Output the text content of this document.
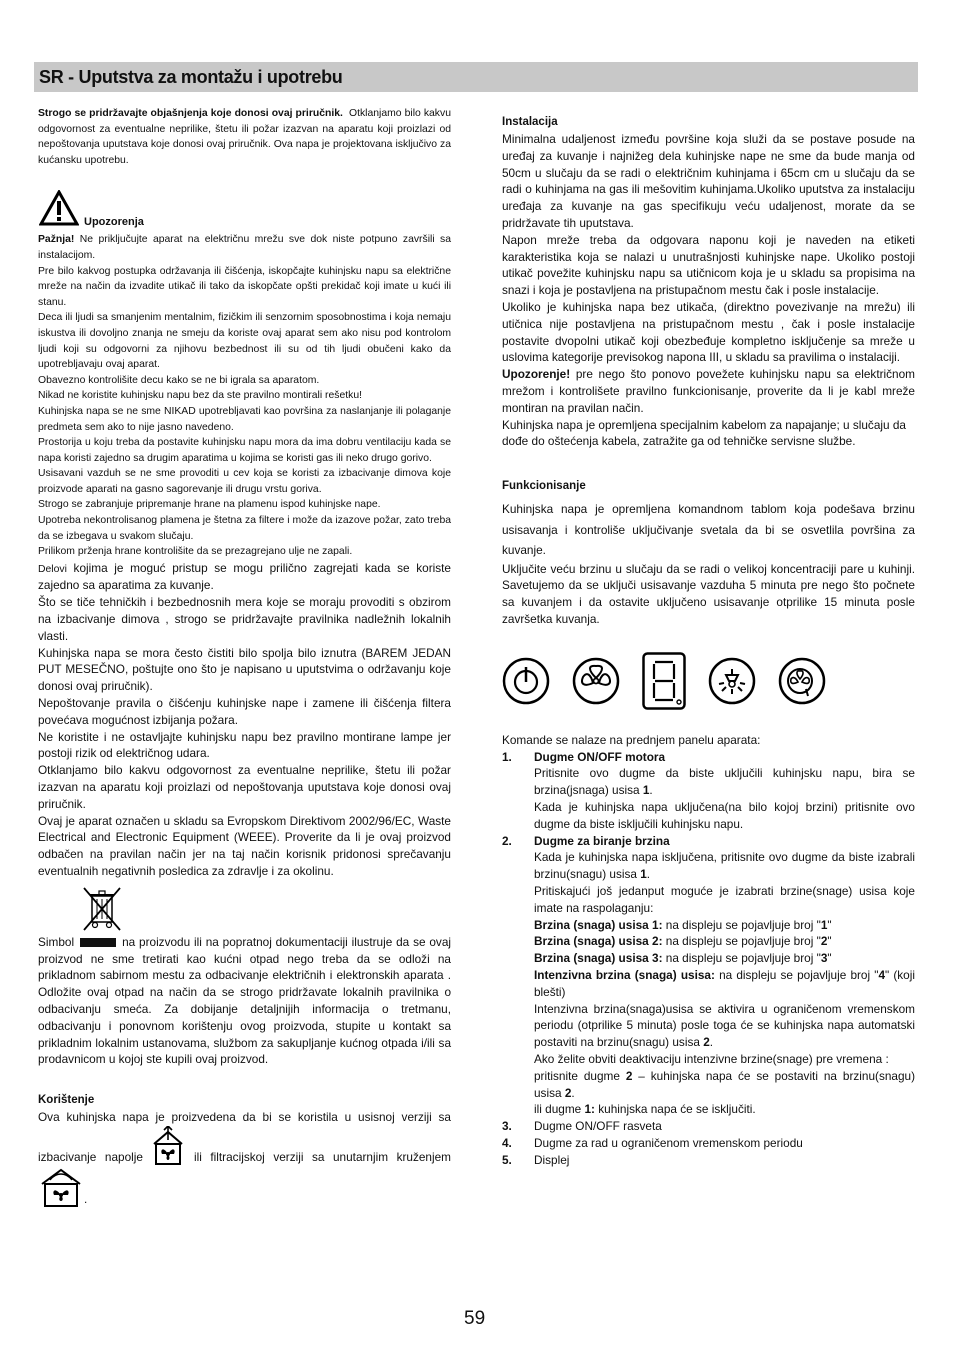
SR - Uputstva za montažu i upotrebu

Strogo se pridržavajte objašnjenja koje donosi ovaj priručnik. Otklanjamo bilo kakvu odgovornost za eventualne neprilike, štetu ili požar izazvan na aparatu koji proizlazi od nepoštovanja uputstava koje donosi ovaj priručnik. Ova napa je projektovana isključivo za kućansku upotrebu.

Upozorenja

Pažnja! Ne priključujte aparat na električnu mrežu sve dok niste potpuno završili sa instalacijom.

Pre bilo kakvog postupka održavanja ili čišćenja, iskopčajte kuhinjsku napu sa električne mreže na način da izvadite utikač ili tako da iskopčate opšti prekidač koji imate u kući ili stanu.

Deca ili ljudi sa smanjenim mentalnim, fizičkim ili senzornim sposobnostima i koja nemaju iskustva ili dovoljno znanja ne smeju da koriste ovaj aparat sem ako nisu pod kontrolom ljudi koji su odgovorni za njihovu bezbednost ili su od tih ljudi obučeni kako da upotrebljavaju ovaj aparat.

Obavezno kontrolišite decu kako se ne bi igrala sa aparatom.

Nikad ne koristite kuhinjsku napu bez da ste pravilno montirali rešetku!

Kuhinjska napa se ne sme NIKAD upotrebljavati kao površina za naslanjanje ili polaganje predmeta sem ako to nije jasno navedeno.

Prostorija u koju treba da postavite kuhinjsku napu mora da ima dobru ventilaciju kada se napa koristi zajedno sa drugim aparatima u kojima se koristi gas ili neko drugo gorivo.

Usisavani vazduh se ne sme provoditi u cev koja se koristi za izbacivanje dimova koje proizvode aparati na gasno sagorevanje ili drugu vrstu goriva.

Strogo se zabranjuje pripremanje hrane na plamenu ispod kuhinjske nape.

Upotreba nekontrolisanog plamena je štetna za filtere i može da izazove požar, zato treba da se izbegava u svakom slučaju.

Prilikom prženja hrane kontrolišite da se prezagrejano ulje ne zapali.

Delovi kojima je moguć pristup se mogu prilično zagrejati kada se koriste zajedno sa aparatima za kuvanje.

Što se tiče tehničkih i bezbednosnih mera koje se moraju provoditi s obzirom na izbacivanje dimova , strogo se pridržavajte pravilnika nadležnih lokalnih vlasti.

Kuhinjska napa se mora često čistiti bilo spolja bilo iznutra (BAREM JEDAN PUT MESEČNO, poštujte ono što je napisano u uputstvima o održavanju koje donosi ovaj priručnik).

Nepoštovanje pravila o čišćenju kuhinjske nape i zamene ili čišćenja filtera povećava mogućnost izbijanja požara.

Ne koristite i ne ostavljajte kuhinjsku napu bez pravilno montirane lampe jer postoji rizik od električnog udara.

Otklanjamo bilo kakvu odgovornost za eventualne neprilike, štetu ili požar izazvan na aparatu koji proizlazi od nepoštovanja uputstava koje donosi ovaj priručnik.

Ovaj je aparat označen u skladu sa Evropskom Direktivom 2002/96/EC, Waste Electrical and Electronic Equipment (WEEE). Proverite da li je ovaj proizvod odbačen na pravilan način jer na taj način korisnik pridonosi sprečavanju eventualnih negativnih posledica za zdravlje i za okolinu.

Simbol	na proizvodu ili na popratnoj dokumentaciji ilustruje da se ovaj proizvod ne sme tretirati kao kućni otpad nego treba da se odloži na prikladnom sabirnom mestu za odbacivanje električnih i elektronskih aparata . Odložite ovaj otpad na način da se strogo pridržavate lokalnih pravilnika o odbacivanju smeća. Za dobijanje detaljnijih informacija o tretmanu, odbacivanju i ponovnom korištenju ovog proizvoda, stupite u kontakt sa prikladnim lokalnim ustanovama, službom za sakupljanje kućnog otpada i/ili sa prodavnicom u kojoj ste kupili ovaj proizvod.

Korištenje

Ova kuhinjska napa je proizvedena da bi se koristila u usisnoj verziji sa izbacivanje napolje	ili filtracijskoj verziji sa unutarnjim kruženjem .

Instalacija

Minimalna udaljenost između površine koja služi da se postave posude na uređaj za kuvanje i najnižeg dela kuhinjske nape ne sme da bude manja od 50cm u slučaju da se radi o električnim kuhinjama i 65cm cm u slučaju da se radi o kuhinjama na gas ili mešovitim kuhinjama.Ukoliko uputstva za instalaciju uređaja za kuvanje na gas specifikuju veću udaljenost, morate da se pridržavate tih uputstava.

Napon mreže treba da odgovara naponu koji je naveden na etiketi karakteristika koja se nalazi u unutrašnjosti kuhinjske nape. Ukoliko postoji utikač povežite kuhinjsku napu sa utičnicom koja je u skladu sa propisima na snazi i koja je postavljena na pristupačnom mestu čak i posle instalacije.

Ukoliko je kuhinjska napa bez utikača, (direktno povezivanje na mrežu) ili utičnica nije postavljena na pristupačnom mestu , čak i posle instalacije postavite dvopolni utikač koji obezbeđuje kompletno isključenje sa mreže u uslovima kategorije previsokog napona III, u skladu sa pravilima o instalaciji.

Upozorenje! pre nego što ponovo povežete kuhinjsku napu sa električnom mrežom i kontrolišete pravilno funkcionisanje, proverite da li je kabl mreže montiran na pravilan način.

Kuhinjska napa je opremljena specijalnim kabelom za napajanje; u slučaju da dođe do oštećenja kabela, zatražite ga od tehničke servisne službe.

Funkcionisanje

Kuhinjska napa je opremljena komandnom tablom koja podešava brzinu usisavanja i kontroliše uključivanje svetala da bi se osvetlila površina za kuvanje.

Uključite veću brzinu u slučaju da se radi o velikoj koncentraciji pare u kuhinji. Savetujemo da se uključi usisavanje vazduha 5 minuta pre nego što počnete sa kuvanjem i da ostavite uključeno usisavanje otprilike 15 minuta posle završetka kuvanja.

Komande se nalaze na prednjem panelu aparata:

1.	Dugme ON/OFF motora

Pritisnite ovo dugme da biste uključili kuhinjsku napu, bira se brzina(jsnaga) usisa 1.

Kada je kuhinjska napa uključena(na bilo kojoj brzini) pritisnite ovo dugme da biste isključili kuhinjsku napu.

2.	Dugme za biranje brzina

Kada je kuhinjska napa isključena, pritisnite ovo dugme da biste izabrali brzinu(snagu) usisa 1.

Pritiskajući još jedanput moguće je izabrati brzine(snage) usisa koje imate na raspolaganju:

Brzina (snaga) usisa 1: na displeju se pojavljuje broj "1"

Brzina (snaga) usisa 2: na displeju se pojavljuje broj "2"

Brzina (snaga) usisa 3: na displeju se pojavljuje broj "3"

Intenzivna brzina (snaga) usisa: na displeju se pojavljuje broj "4" (koji blešti)

Intenzivna brzina(snaga)usisa se aktivira u ograničenom vremenskom periodu (otprilike 5 minuta) posle toga će se kuhinjska napa automatski postaviti na brzinu(snagu) usisa 2.

Ako želite obviti deaktivaciju intenzivne brzine(snage) pre vremena :

pritisnite dugme 2 – kuhinjska napa će se postaviti na brzinu(snagu) usisa 2.

ili dugme 1: kuhinjska napa će se isključiti.

3.	Dugme ON/OFF rasveta
4.	Dugme za rad u ograničenom vremenskom periodu
5.	Displej
59
